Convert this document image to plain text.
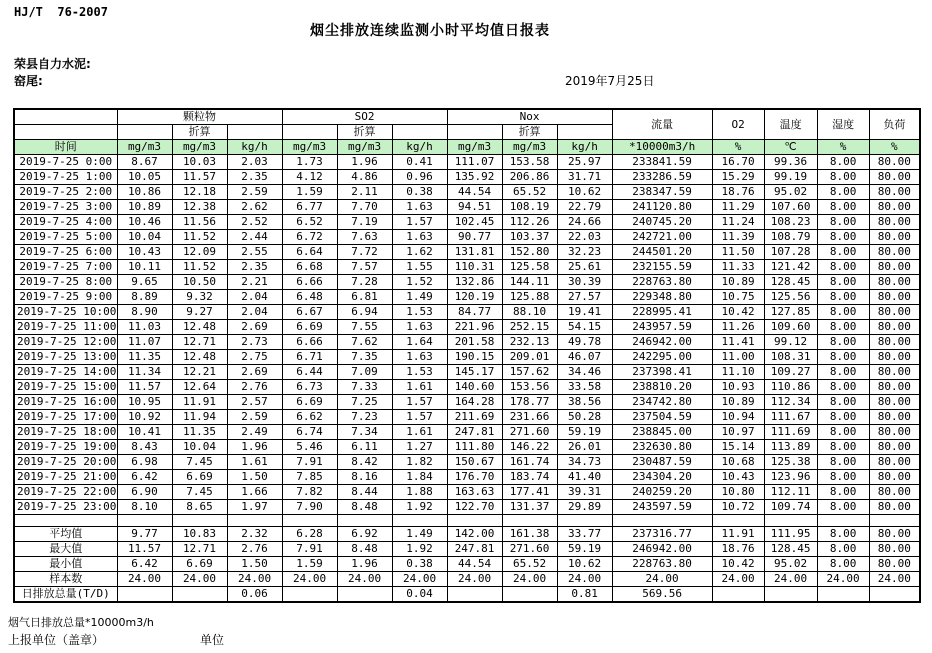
HJ/T  76-2007
烟尘排放连续监测小时平均值日报表
荣县自力水泥:
窑尾:	2019年7月25日
	颗粒物			SO2			Nox			流量	O2	温度	湿度	负荷
		折算			折算			折算						
时间	mg/m3	mg/m3	kg/h	mg/m3	mg/m3	kg/h	mg/m3	mg/m3	kg/h	*10000m3/h	%	℃	%	%
2019-7-25 0:00	8.67	10.03	2.03	1.73	1.96	0.41	111.07	153.58	25.97	233841.59	16.70	99.36	8.00	80.00
2019-7-25 1:00	10.05	11.57	2.35	4.12	4.86	0.96	135.92	206.86	31.71	233286.59	15.29	99.19	8.00	80.00
2019-7-25 2:00	10.86	12.18	2.59	1.59	2.11	0.38	44.54	65.52	10.62	238347.59	18.76	95.02	8.00	80.00
2019-7-25 3:00	10.89	12.38	2.62	6.77	7.70	1.63	94.51	108.19	22.79	241120.80	11.29	107.60	8.00	80.00
2019-7-25 4:00	10.46	11.56	2.52	6.52	7.19	1.57	102.45	112.26	24.66	240745.20	11.24	108.23	8.00	80.00
2019-7-25 5:00	10.04	11.52	2.44	6.72	7.63	1.63	90.77	103.37	22.03	242721.00	11.39	108.79	8.00	80.00
2019-7-25 6:00	10.43	12.09	2.55	6.64	7.72	1.62	131.81	152.80	32.23	244501.20	11.50	107.28	8.00	80.00
2019-7-25 7:00	10.11	11.52	2.35	6.68	7.57	1.55	110.31	125.58	25.61	232155.59	11.33	121.42	8.00	80.00
2019-7-25 8:00	9.65	10.50	2.21	6.66	7.28	1.52	132.86	144.11	30.39	228763.80	10.89	128.45	8.00	80.00
2019-7-25 9:00	8.89	9.32	2.04	6.48	6.81	1.49	120.19	125.88	27.57	229348.80	10.75	125.56	8.00	80.00
2019-7-25 10:00	8.90	9.27	2.04	6.67	6.94	1.53	84.77	88.10	19.41	228995.41	10.42	127.85	8.00	80.00
2019-7-25 11:00	11.03	12.48	2.69	6.69	7.55	1.63	221.96	252.15	54.15	243957.59	11.26	109.60	8.00	80.00
2019-7-25 12:00	11.07	12.71	2.73	6.66	7.62	1.64	201.58	232.13	49.78	246942.00	11.41	99.12	8.00	80.00
2019-7-25 13:00	11.35	12.48	2.75	6.71	7.35	1.63	190.15	209.01	46.07	242295.00	11.00	108.31	8.00	80.00
2019-7-25 14:00	11.34	12.21	2.69	6.44	7.09	1.53	145.17	157.62	34.46	237398.41	11.10	109.27	8.00	80.00
2019-7-25 15:00	11.57	12.64	2.76	6.73	7.33	1.61	140.60	153.56	33.58	238810.20	10.93	110.86	8.00	80.00
2019-7-25 16:00	10.95	11.91	2.57	6.69	7.25	1.57	164.28	178.77	38.56	234742.80	10.89	112.34	8.00	80.00
2019-7-25 17:00	10.92	11.94	2.59	6.62	7.23	1.57	211.69	231.66	50.28	237504.59	10.94	111.67	8.00	80.00
2019-7-25 18:00	10.41	11.35	2.49	6.74	7.34	1.61	247.81	271.60	59.19	238845.00	10.97	111.69	8.00	80.00
2019-7-25 19:00	8.43	10.04	1.96	5.46	6.11	1.27	111.80	146.22	26.01	232630.80	15.14	113.89	8.00	80.00
2019-7-25 20:00	6.98	7.45	1.61	7.91	8.42	1.82	150.67	161.74	34.73	230487.59	10.68	125.38	8.00	80.00
2019-7-25 21:00	6.42	6.69	1.50	7.85	8.16	1.84	176.70	183.74	41.40	234304.20	10.43	123.96	8.00	80.00
2019-7-25 22:00	6.90	7.45	1.66	7.82	8.44	1.88	163.63	177.41	39.31	240259.20	10.80	112.11	8.00	80.00
2019-7-25 23:00	8.10	8.65	1.97	7.90	8.48	1.92	122.70	131.37	29.89	243597.59	10.72	109.74	8.00	80.00

平均值	9.77	10.83	2.32	6.28	6.92	1.49	142.00	161.38	33.77	237316.77	11.91	111.95	8.00	80.00
最大值	11.57	12.71	2.76	7.91	8.48	1.92	247.81	271.60	59.19	246942.00	18.76	128.45	8.00	80.00
最小值	6.42	6.69	1.50	1.59	1.96	0.38	44.54	65.52	10.62	228763.80	10.42	95.02	8.00	80.00
样本数	24.00	24.00	24.00	24.00	24.00	24.00	24.00	24.00	24.00	24.00	24.00	24.00	24.00	24.00
日排放总量(T/D)			0.06			0.04			0.81	569.56				
烟气日排放总量*10000m3/h
上报单位（盖章）	单位
